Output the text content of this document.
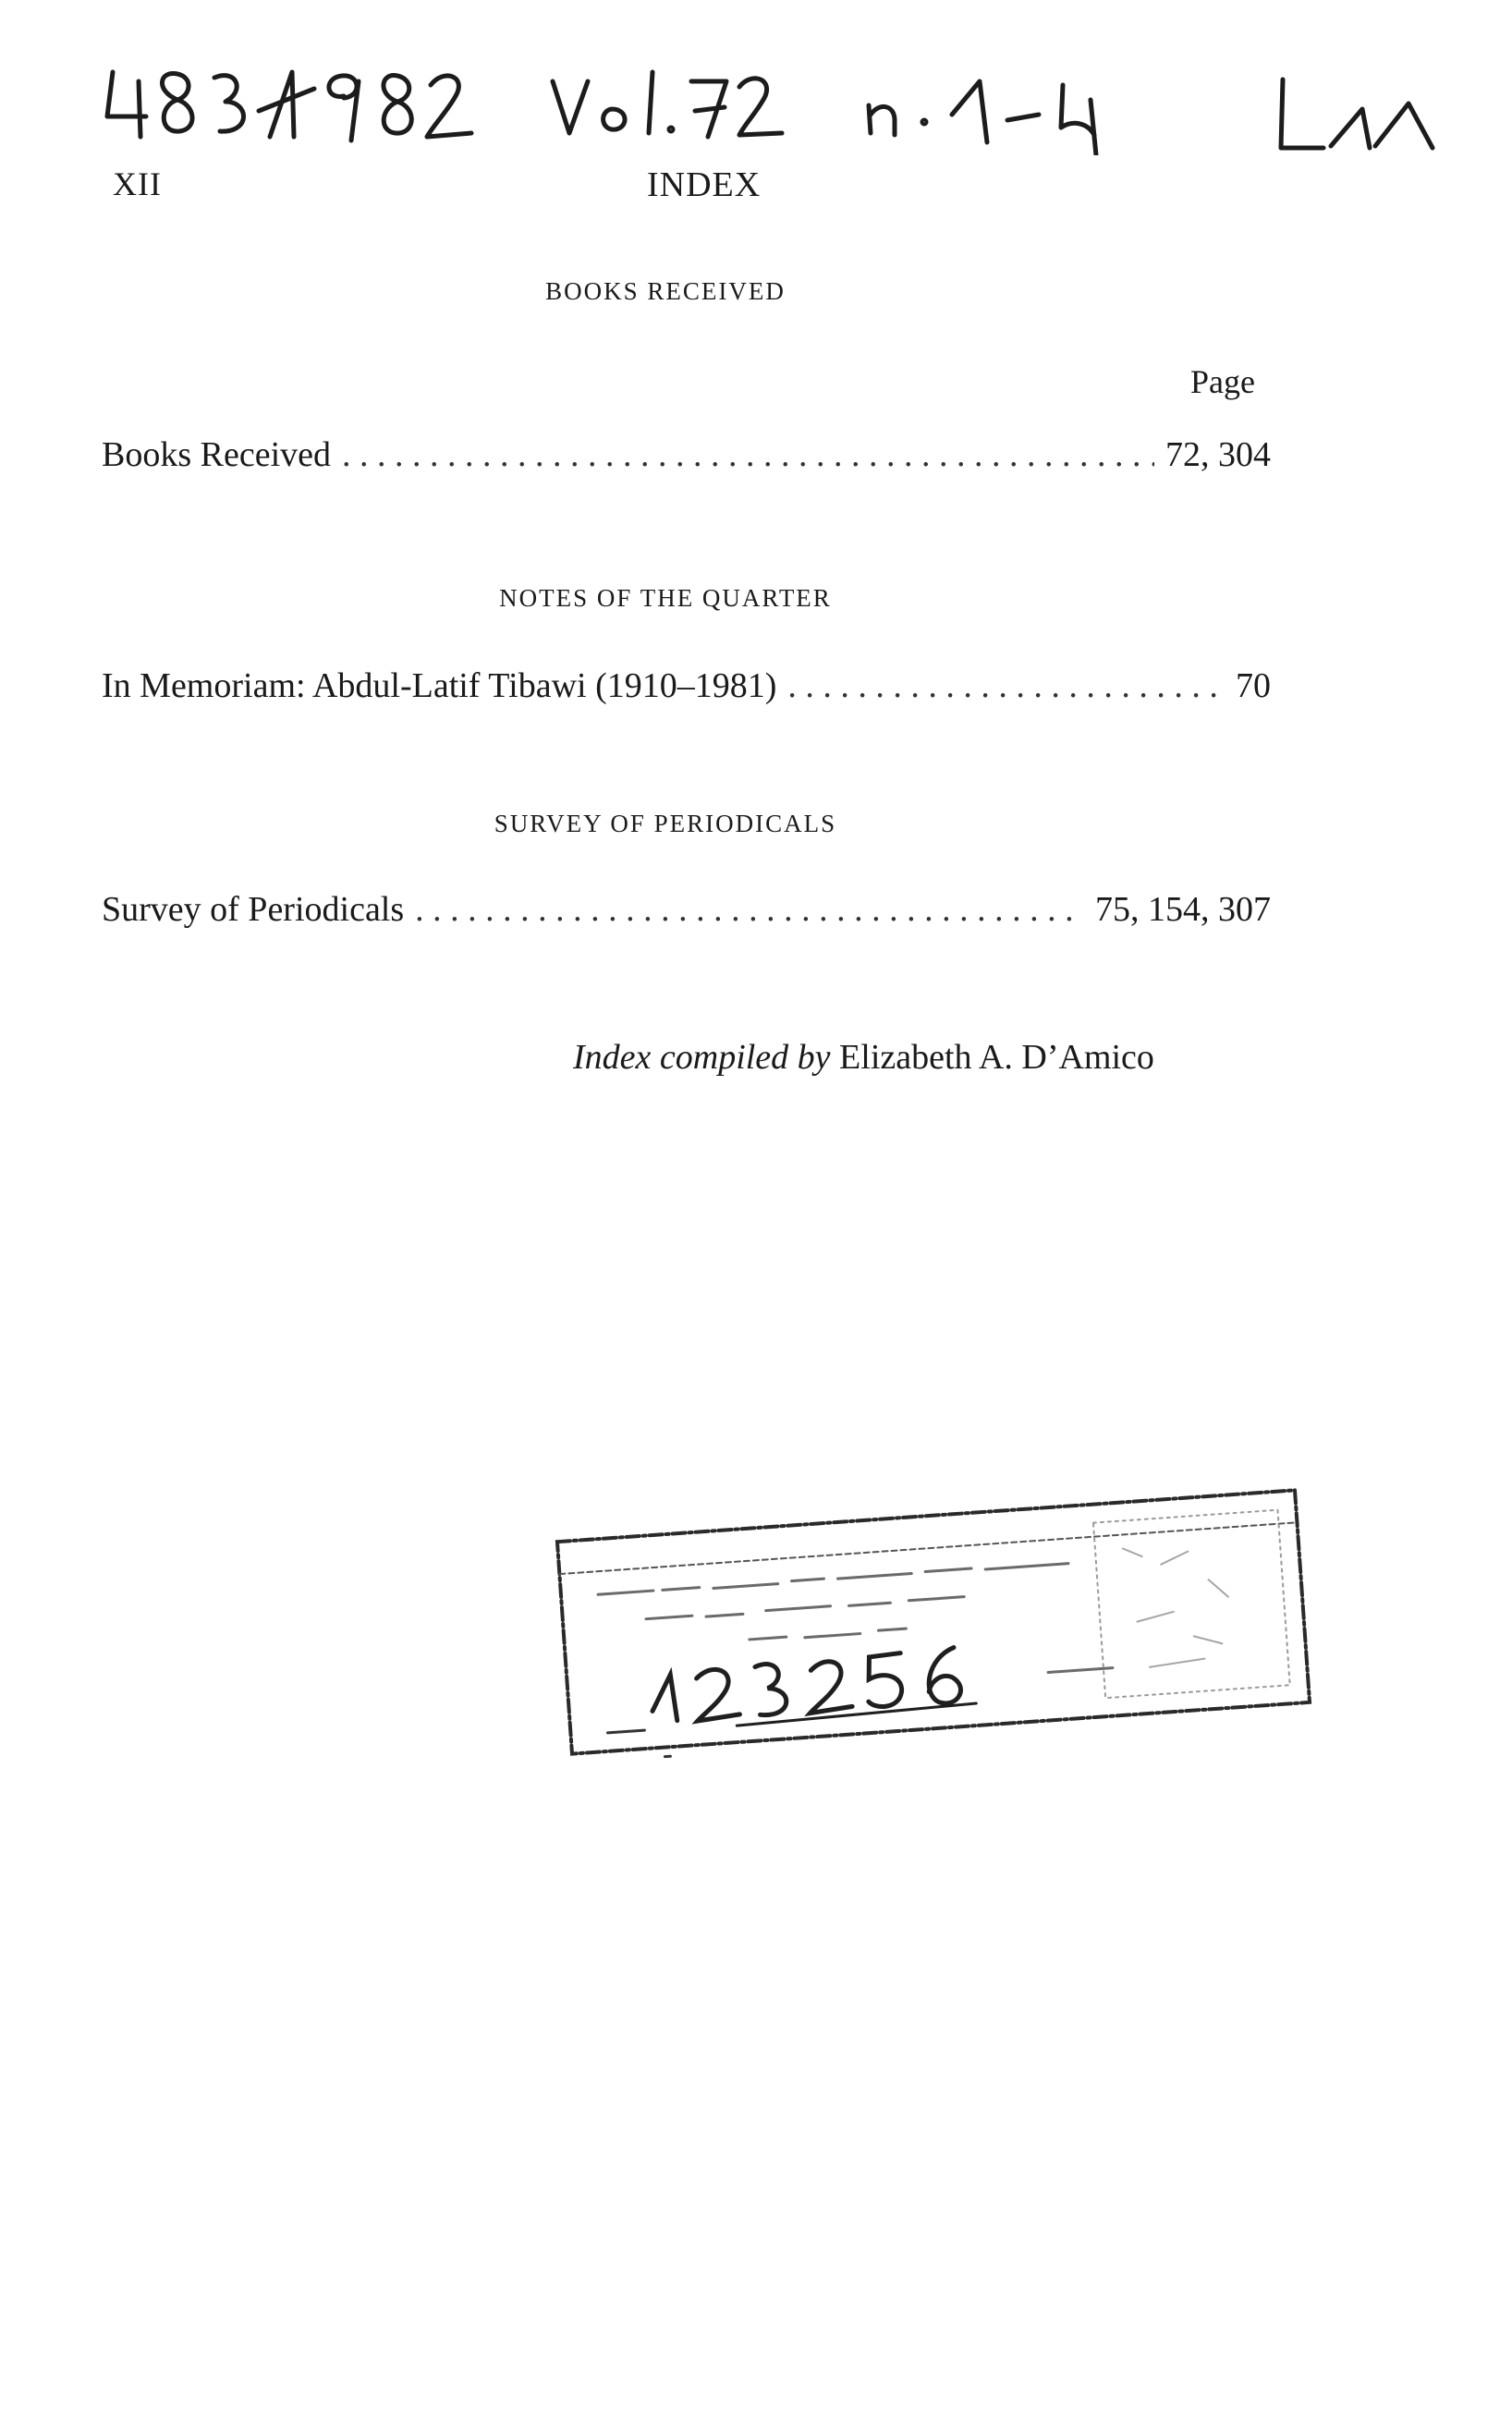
XII	INDEX
BOOKS RECEIVED
Page
Books Received . . .	72, 304
NOTES OF THE QUARTER
In Memoriam: Abdul-Latif Tibawi (1910–1981) . . .	70
SURVEY OF PERIODICALS
Survey of Periodicals . . .	75, 154, 307
Index compiled by Elizabeth A. D’Amico
